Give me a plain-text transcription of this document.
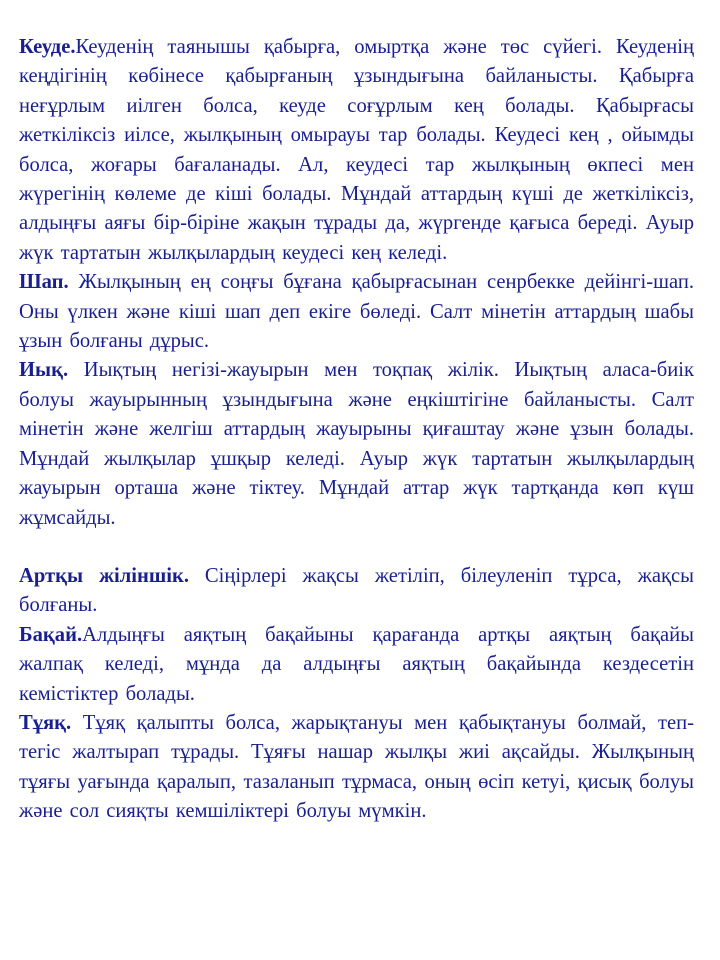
Кеуде.Кеуденің таянышы қабырға, омыртқа және төс сүйегі. Кеуденің кеңдігінің көбінесе қабырғаның ұзындығына байланысты. Қабырға неғұрлым иілген болса, кеуде соғұрлым кең болады. Қабырғасы жеткіліксіз иілсе, жылқының омырауы тар болады. Кеудесі кең , ойымды болса, жоғары бағаланады. Ал, кеудесі тар жылқының өкпесі мен жүрегінің көлеме де кіші болады. Мұндай аттардың күші де жеткіліксіз, алдыңғы аяғы бір-біріне жақын тұрады да, жүргенде қағыса береді. Ауыр жүк тартатын жылқылардың кеудесі кең келеді.

Шап. Жылқының ең соңғы бұғана қабырғасынан сенрбекке дейінгі-шап. Оны үлкен және кіші шап деп екіге бөледі. Салт мінетін аттардың шабы ұзын болғаны дұрыс.

Иық. Иықтың негізі-жауырын мен тоқпақ жілік. Иықтың аласа-биік болуы жауырынның ұзындығына және еңкіштігіне байланысты. Салт мінетін және желгіш аттардың жауырыны қиғаштау және ұзын болады. Мұндай жылқылар ұшқыр келеді. Ауыр жүк тартатын жылқылардың жауырын орташа және тіктеу. Мұндай аттар жүк тартқанда көп күш жұмсайды.

Артқы жіліншік. Сіңірлері жақсы жетіліп, білеуленіп тұрса, жақсы болғаны.

Бақай.Алдыңғы аяқтың бақайыны қарағанда артқы аяқтың бақайы жалпақ келеді, мұнда да алдыңғы аяқтың бақайында кездесетін кемістіктер болады.

Тұяқ. Тұяқ қалыпты болса, жарықтануы мен қабықтануы болмай, теп-тегіс жалтырап тұрады. Тұяғы нашар жылқы жиі ақсайды. Жылқының тұяғы уағында қаралып, тазаланып тұрмаса, оның өсіп кетуі, қисық болуы және сол сияқты кемшіліктері болуы мүмкін.
